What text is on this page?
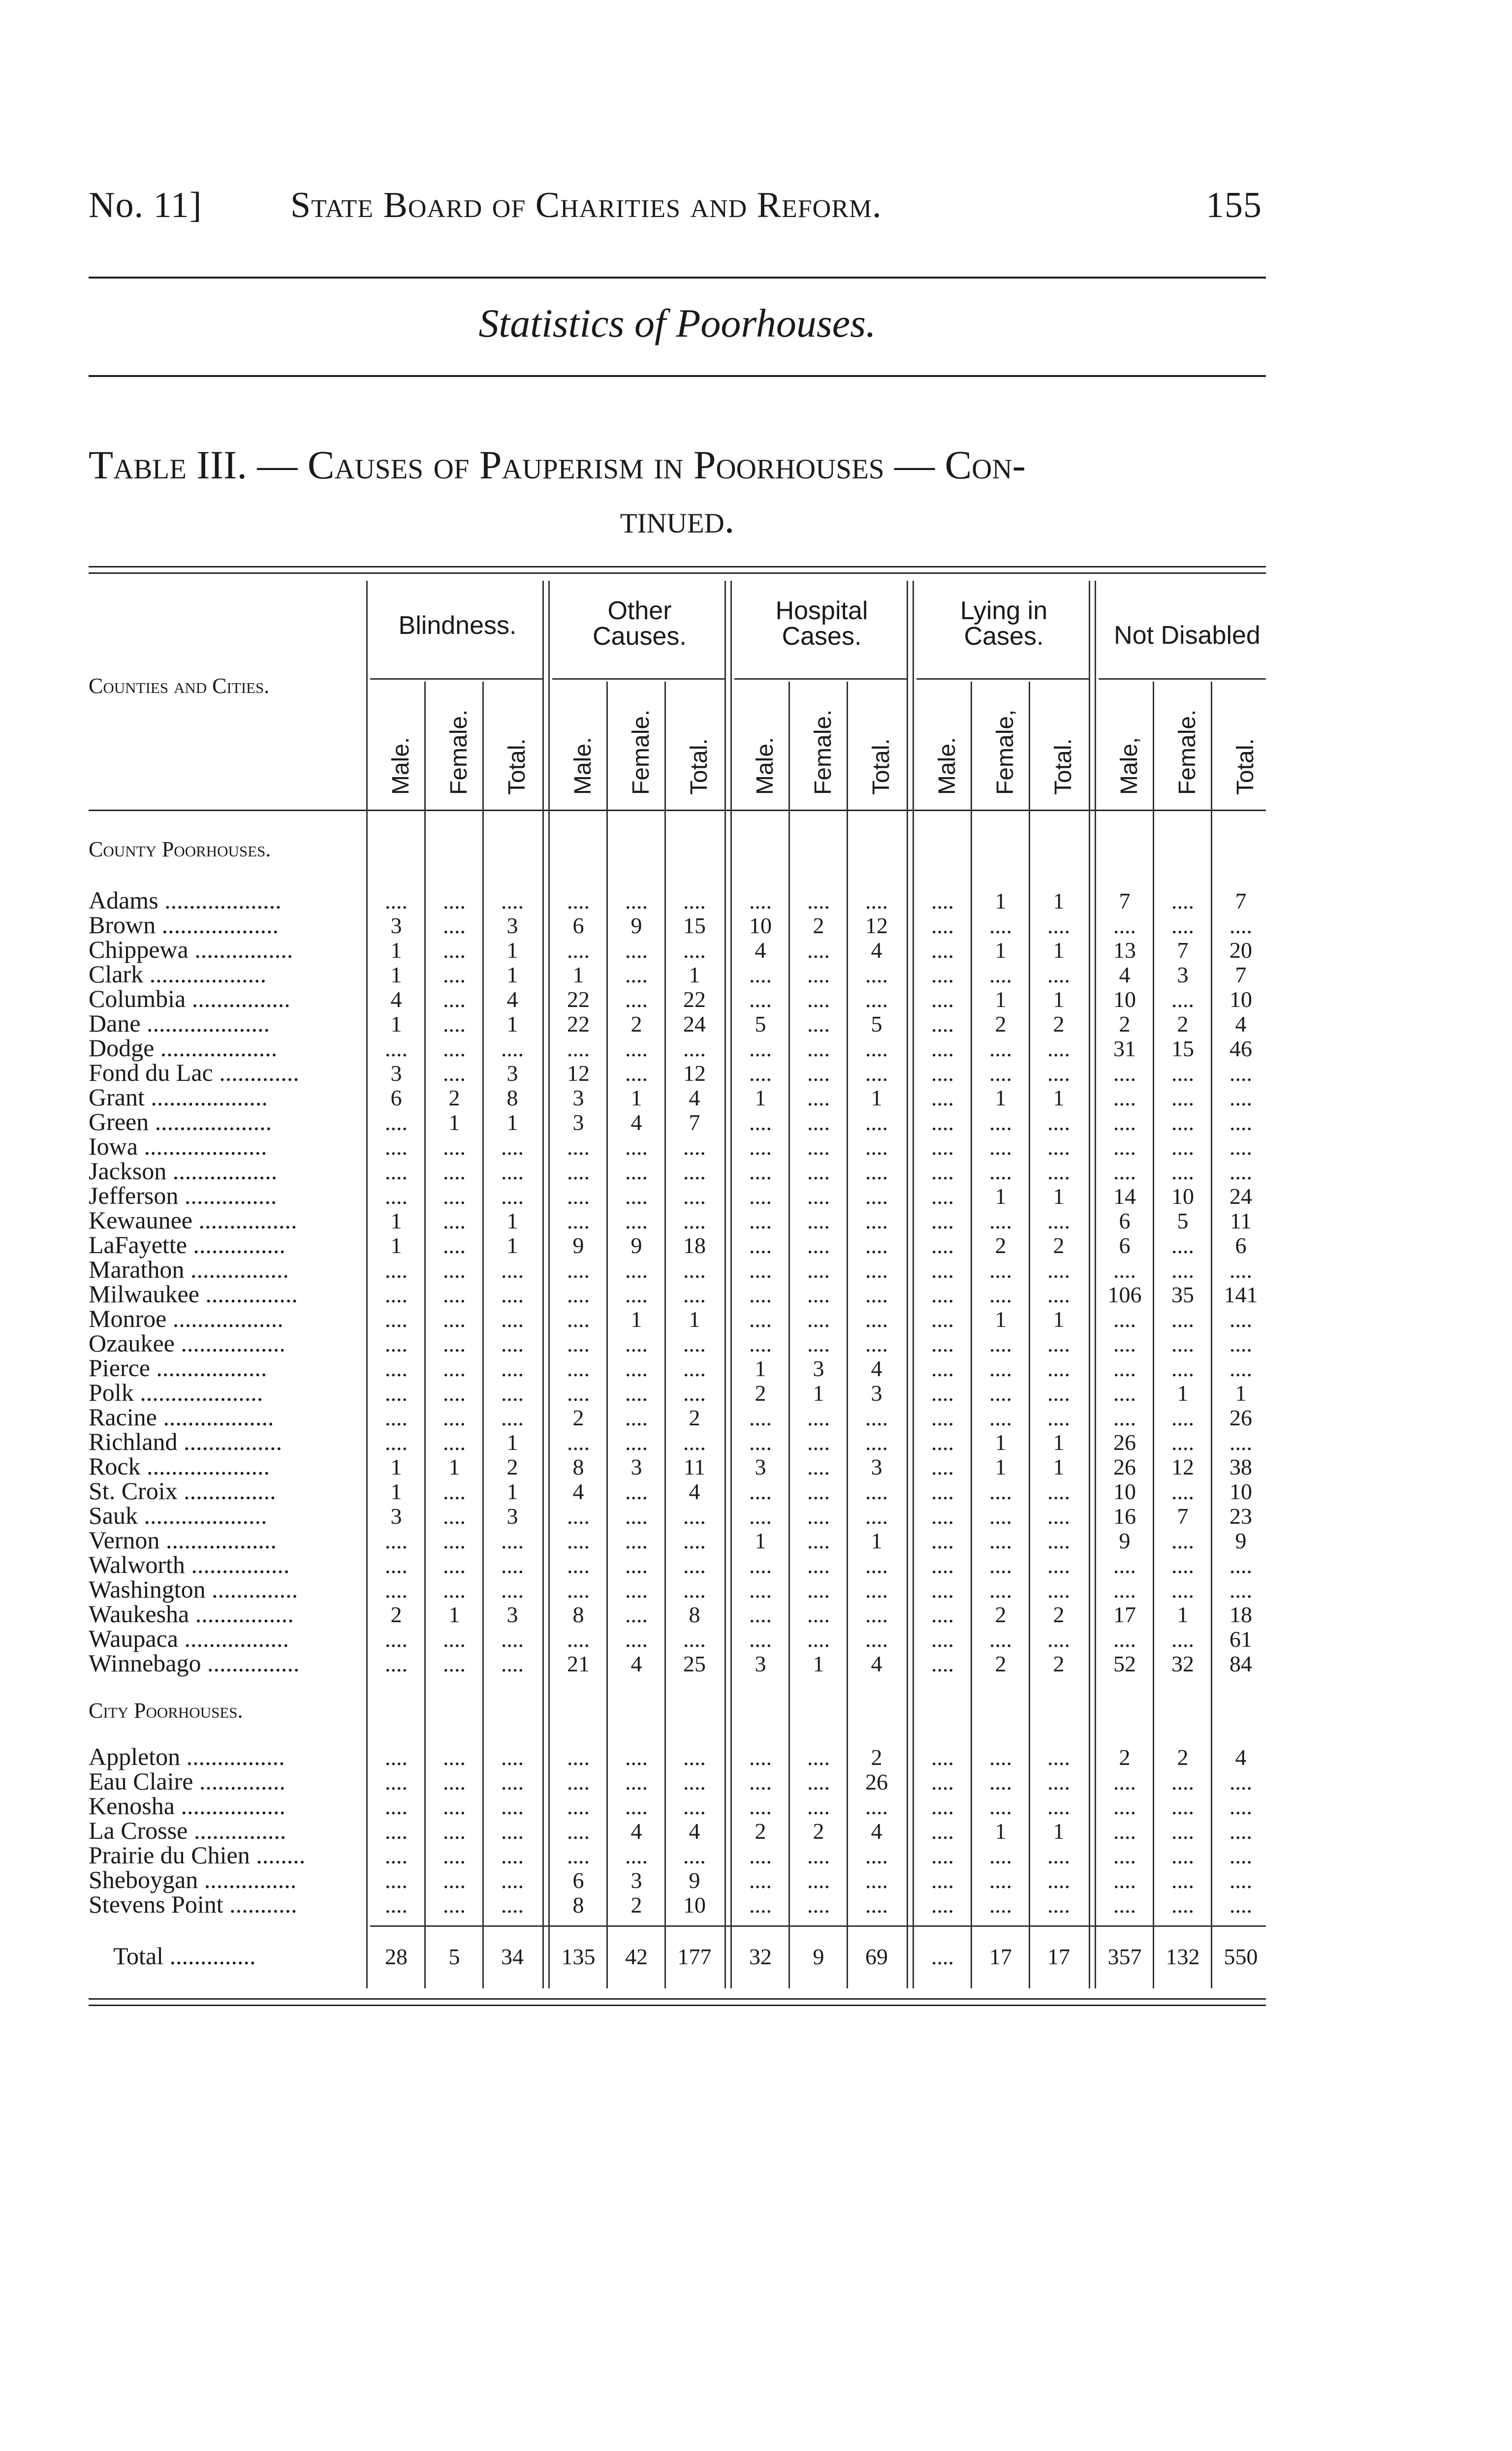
No. 11] State Board of Charities and Reform.	155
Statistics of Poorhouses.
Table III. — Causes of Pauperism in Poorhouses — Con-
tinued.
Counties and Cities.
Blindness.
Other Causes.
Hospital Cases.
Lying in Cases.	Not Disabled
Male. Female. Total. Male. Female. Total. Male. Female. Total. Male. Female, Total. Male, Female. Total.
County Poorhouses.
Adams ...................	....	....	....	....	....	....	....	....	....	....	1	1	7	....	7
Brown ...................	3	....	3	6	9	15	10	2	12	....	....	....	....	....	....
Chippewa ................	1	....	1	....	....	....	4	....	4	....	1	1	13	7	20
Clark ...................	1	....	1	1	....	1	....	....	....	....	....	....	4	3	7
Columbia ................	4	....	4	22	....	22	....	....	....	....	1	1	10	....	10
Dane ....................	1	....	1	22	2	24	5	....	5	....	2	2	2	2	4
Dodge ...................	....	....	....	....	....	....	....	....	....	....	....	....	31	15	46
Fond du Lac .............	3	....	3	12	....	12	....	....	....	....	....	....	....	....	....
Grant ...................	6	2	8	3	1	4	1	....	1	....	1	1	....	....	....
Green ...................	....	1	1	3	4	7	....	....	....	....	....	....	....	....	....
Iowa ....................	....	....	....	....	....	....	....	....	....	....	....	....	....	....	....
Jackson .................	....	....	....	....	....	....	....	....	....	....	....	....	....	....	....
Jefferson ...............	....	....	....	....	....	....	....	....	....	....	1	1	14	10	24
Kewaunee ................	1	....	1	....	....	....	....	....	....	....	....	....	6	5	11
LaFayette ...............	1	....	1	9	9	18	....	....	....	....	2	2	6	....	6
Marathon ................	....	....	....	....	....	....	....	....	....	....	....	....	....	....	....
Milwaukee ...............	....	....	....	....	....	....	....	....	....	....	....	....	106	35	141
Monroe ..................	....	....	....	....	1	1	....	....	....	....	1	1	....	....	....
Ozaukee .................	....	....	....	....	....	....	....	....	....	....	....	....	....	....	....
Pierce ..................	....	....	....	....	....	....	1	3	4	....	....	....	....	....	....
Polk ....................	....	....	....	....	....	....	2	1	3	....	....	....	....	1	1
Racine ..................	....	....	....	2	....	2	....	....	....	....	....	....	....	....	26
Richland ................	....	....	1	....	....	....	....	....	....	....	1	1	26	....	....
Rock ....................	1	1	2	8	3	11	3	....	3	....	1	1	26	12	38
St. Croix ...............	1	....	1	4	....	4	....	....	....	....	....	....	10	....	10
Sauk ....................	3	....	3	....	....	....	....	....	....	....	....	....	16	7	23
Vernon ..................	....	....	....	....	....	....	1	....	1	....	....	....	9	....	9
Walworth ................	....	....	....	....	....	....	....	....	....	....	....	....	....	....	....
Washington ..............	....	....	....	....	....	....	....	....	....	....	....	....	....	....	....
Waukesha ................	2	1	3	8	....	8	....	....	....	....	2	2	17	1	18
Waupaca .................	....	....	....	....	....	....	....	....	....	....	....	....	....	....	61
Winnebago ...............	....	....	....	21	4	25	3	1	4	....	2	2	52	32	84
City Poorhouses.
Appleton ................	....	....	....	....	....	....	....	....	2	....	....	....	2	2	4
Eau Claire ..............	....	....	....	....	....	....	....	....	26	....	....	....	....	....	....
Kenosha .................	....	....	....	....	....	....	....	....	....	....	....	....	....	....	....
La Crosse ...............	....	....	....	....	4	4	2	2	4	....	1	1	....	....	....
Prairie du Chien ........	....	....	....	....	....	....	....	....	....	....	....	....	....	....	....
Sheboygan ...............	....	....	....	6	3	9	....	....	....	....	....	....	....	....	....
Stevens Point ...........	....	....	....	8	2	10	....	....	....	....	....	....	....	....	....
Total ..............	28	5	34	135	42	177	32	9	69	....	17	17	357	132	550
